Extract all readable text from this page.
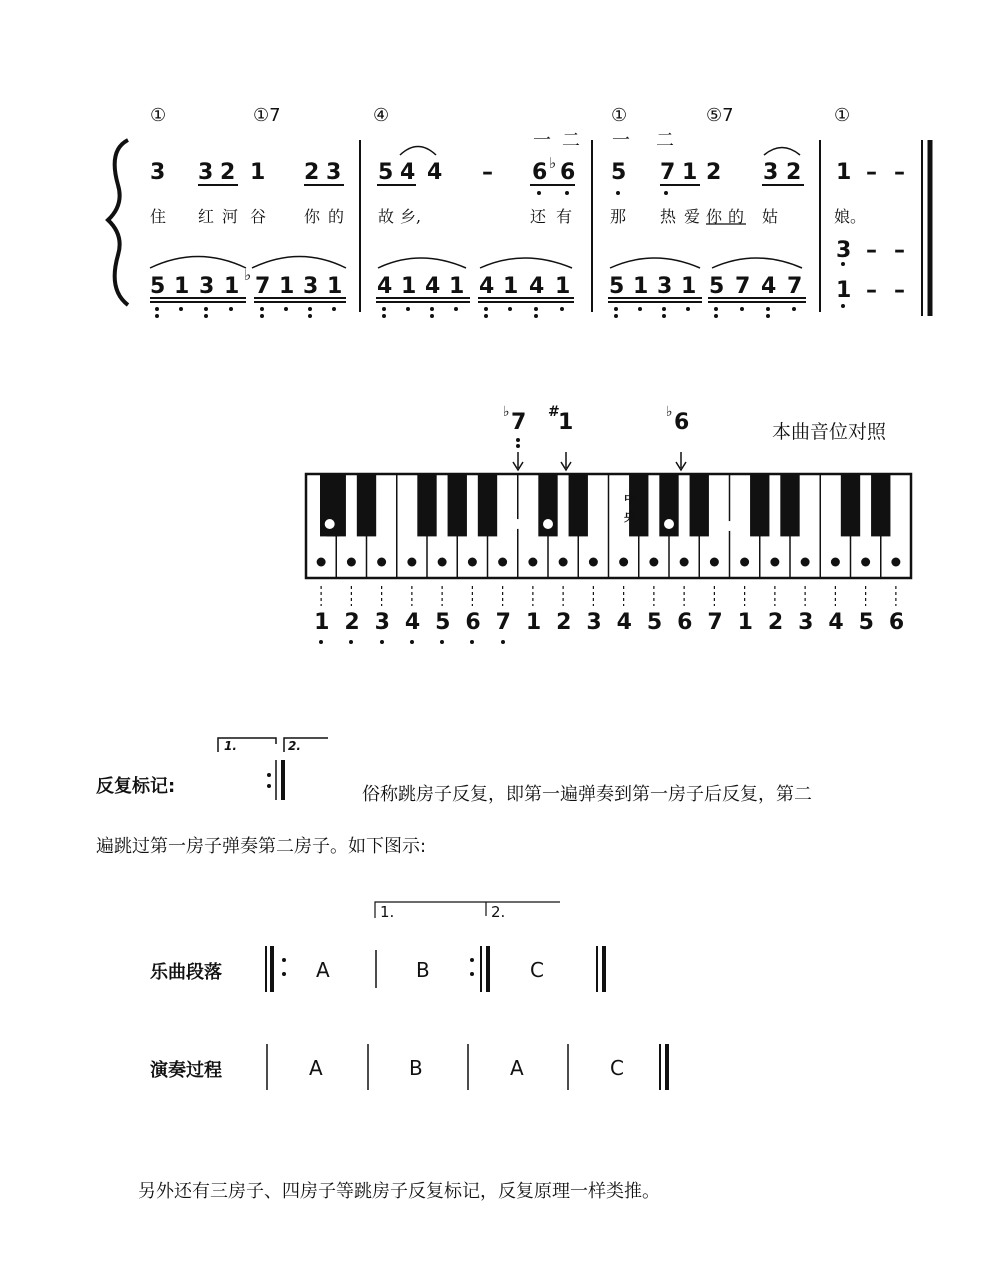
①	①7	④	①	⑤7	①
一 二 一 二
3 3 2 1 2 3 5 4 4 – 6 ♭ 6 5 7 1 2 3 2 1 – –
住 红 河 谷 你 的 故 乡,	还 有 那 热 爱 你 的 姑	娘。
5 1 3 1 ♭ 7 1 3 1 4 1 4 1 4 1 4 1 5 1 3 1 5 7 4 7
3 – –
1 – –
本曲音位对照
♭ 7 #
1	♭ 6
中央
1 2 3 4 5 6 7 1 2 3 4 5 6 7 1 2 3 4 5 6
反复标记:
1.	2.
俗称跳房子反复，即第一遍弹奏到第一房子后反复，第二
遍跳过第一房子弹奏第二房子。如下图示:
1.	2.
乐曲段落	A	B	C
演奏过程	A	B	A	C
另外还有三房子、四房子等跳房子反复标记，反复原理一样类推。
